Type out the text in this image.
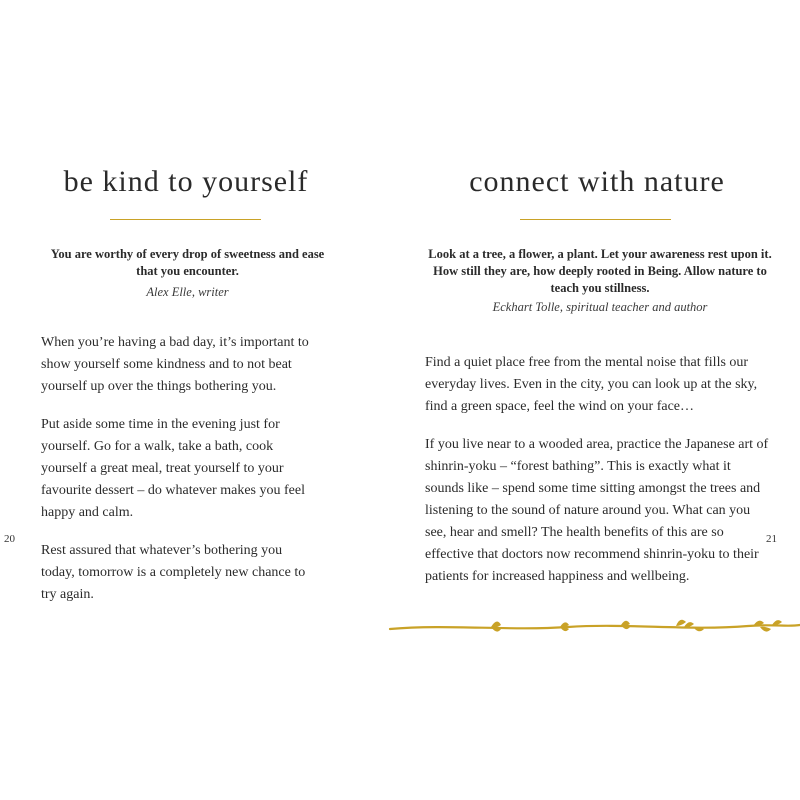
be kind to yourself

You are worthy of every drop of sweetness and ease that you encounter.

Alex Elle, writer

When you’re having a bad day, it’s important to show yourself some kindness and to not beat yourself up over the things bothering you.

Put aside some time in the evening just for yourself. Go for a walk, take a bath, cook yourself a great meal, treat yourself to your favourite dessert – do whatever makes you feel happy and calm.

Rest assured that whatever’s bothering you today, tomorrow is a completely new chance to try again.

20
connect with nature

Look at a tree, a flower, a plant. Let your awareness rest upon it. How still they are, how deeply rooted in Being. Allow nature to teach you stillness.

Eckhart Tolle, spiritual teacher and author

Find a quiet place free from the mental noise that fills our everyday lives. Even in the city, you can look up at the sky, find a green space, feel the wind on your face…

If you live near to a wooded area, practice the Japanese art of shinrin-yoku – “forest bathing”. This is exactly what it sounds like – spend some time sitting amongst the trees and listening to the sound of nature around you. What can you see, hear and smell? The health benefits of this are so effective that doctors now recommend shinrin-yoku to their patients for increased happiness and wellbeing.

21
